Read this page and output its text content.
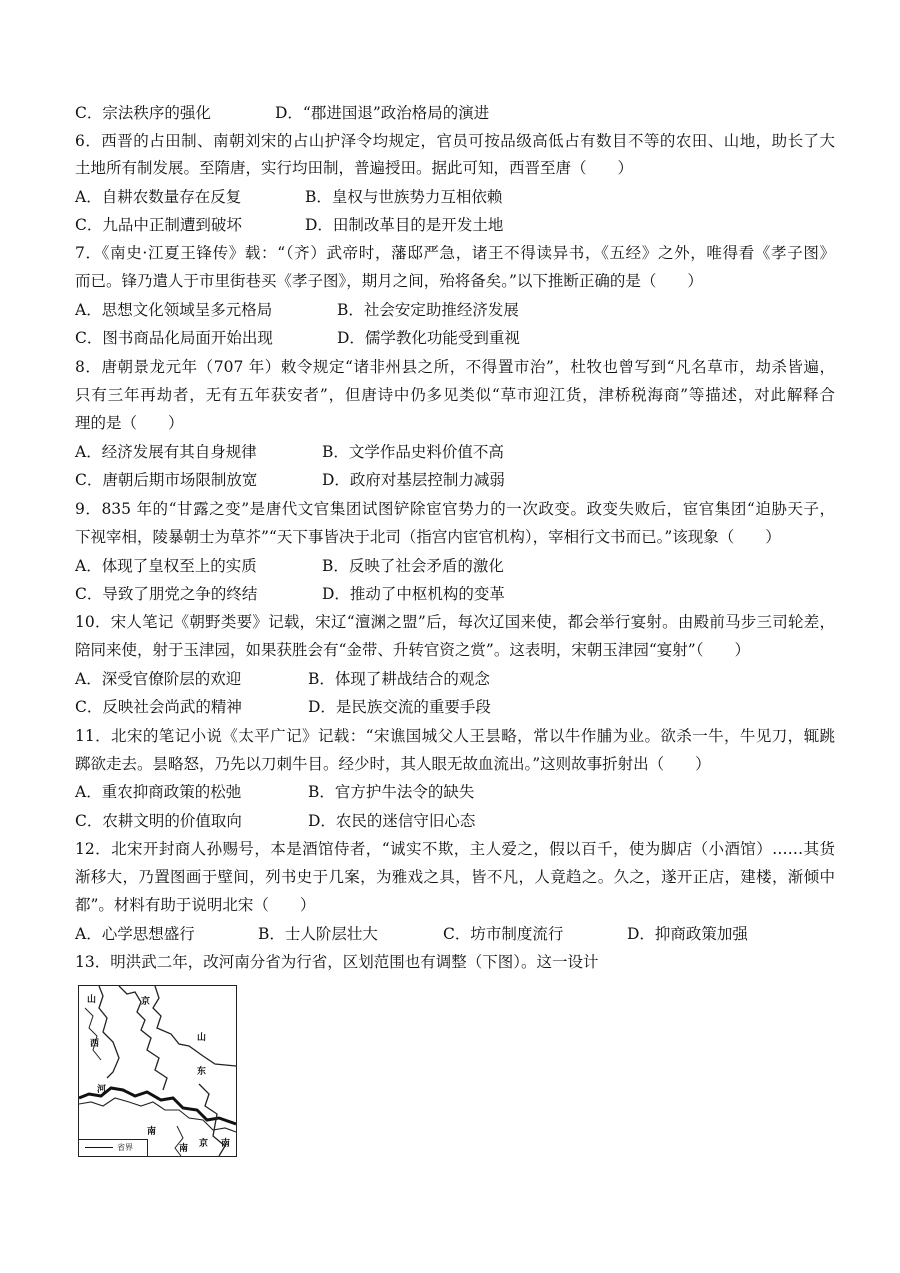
C．宗法秩序的强化	D．“郡进国退”政治格局的演进
6．西晋的占田制、南朝刘宋的占山护泽令均规定，官员可按品级高低占有数目不等的农田、山地，助长了大
土地所有制发展。至隋唐，实行均田制，普遍授田。据此可知，西晋至唐（　　）
A．自耕农数量存在反复	B．皇权与世族势力互相依赖
C．九品中正制遭到破坏	D．田制改革目的是开发土地
7．《南史·江夏王锋传》载：“（齐）武帝时，藩邸严急，诸王不得读异书，《五经》之外，唯得看《孝子图》
而已。锋乃遣人于市里街巷买《孝子图》，期月之间，殆将备矣。”以下推断正确的是（　　）
A．思想文化领域呈多元格局	B．社会安定助推经济发展
C．图书商品化局面开始出现	D．儒学教化功能受到重视
8．唐朝景龙元年（707 年）敕令规定“诸非州县之所，不得置市治”，杜牧也曾写到“凡名草市，劫杀皆遍，
只有三年再劫者，无有五年获安者”，但唐诗中仍多见类似“草市迎江货，津桥税海商”等描述，对此解释合
理的是（　　）
A．经济发展有其自身规律	B．文学作品史料价值不高
C．唐朝后期市场限制放宽	D．政府对基层控制力减弱
9．835 年的“甘露之变”是唐代文官集团试图铲除宦官势力的一次政变。政变失败后，宦官集团“迫胁天子，
下视宰相，陵暴朝士为草芥”“天下事皆决于北司（指宫内宦官机构），宰相行文书而已。”该现象（　　）
A．体现了皇权至上的实质	B．反映了社会矛盾的激化
C．导致了朋党之争的终结	D．推动了中枢机构的变革
10．宋人笔记《朝野类要》记载，宋辽“澶渊之盟”后，每次辽国来使，都会举行宴射。由殿前马步三司轮差，
陪同来使，射于玉津园，如果获胜会有“金带、升转官资之赏”。这表明，宋朝玉津园“宴射”（　　）
A．深受官僚阶层的欢迎	B．体现了耕战结合的观念
C．反映社会尚武的精神	D．是民族交流的重要手段
11．北宋的笔记小说《太平广记》记载：“宋谯国城父人王昙略，常以牛作脯为业。欲杀一牛，牛见刀，辄跳
踯欲走去。昙略怒，乃先以刀刺牛目。经少时，其人眼无故血流出。”这则故事折射出（　　）
A．重农抑商政策的松弛	B．官方护牛法令的缺失
C．农耕文明的价值取向	D．农民的迷信守旧心态
12．北宋开封商人孙赐号，本是酒馆侍者，“诚实不欺，主人爱之，假以百千，使为脚店（小酒馆）……其货
渐移大，乃置图画于壁间，列书史于几案，为雅戏之具，皆不凡，人竟趋之。久之，遂开正店，建楼，渐倾中
都”。材料有助于说明北宋（　　）
A．心学思想盛行	B．士人阶层壮大	C．坊市制度流行	D．抑商政策加强
13．明洪武二年，改河南分省为行省，区划范围也有调整（下图）。这一设计
山
西
京
山
东
河
南
南
京
南
省界
